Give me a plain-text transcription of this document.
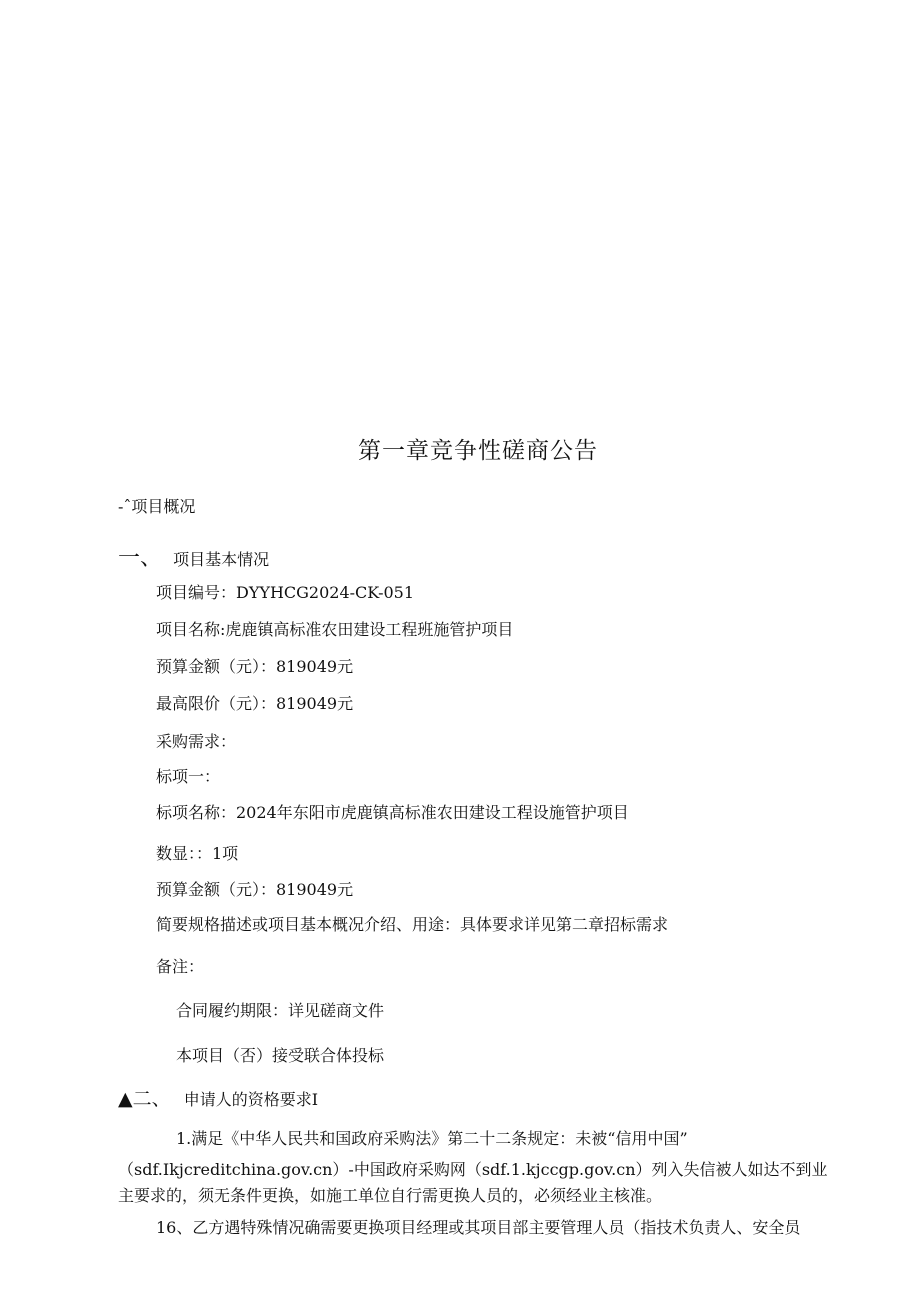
第一章竞争性磋商公告
-ˆ项目概况
一、 项目基本情况
项目编号：DYYHCG2024-CK-051
项目名称:虎鹿镇高标准农田建设工程班施管护项目
预算金额（元）：819049元
最高限价（元）：819049元
采购需求：
标项一：
标项名称：2024年东阳市虎鹿镇高标准农田建设工程设施管护项目
数显：：1项
预算金额（元）：819049元
简要规格描述或项目基本概况介绍、用途：具体要求详见第二章招标需求
备注：
合同履约期限：详见磋商文件
本项目（否）接受联合体投标
▲二、 申请人的资格要求I
1.满足《中华人民共和国政府采购法》第二十二条规定：未被“信用中国”
（sdf.Ikjcreditchina.gov.cn）-中国政府采购网（sdf.1.kjccgp.gov.cn）列入失信被人如达不到业主要求的，须无条件更换，如施工单位自行需更换人员的，必须经业主核准。
16、乙方遇特殊情况确需要更换项目经理或其项目部主要管理人员（指技术负责人、安全员
